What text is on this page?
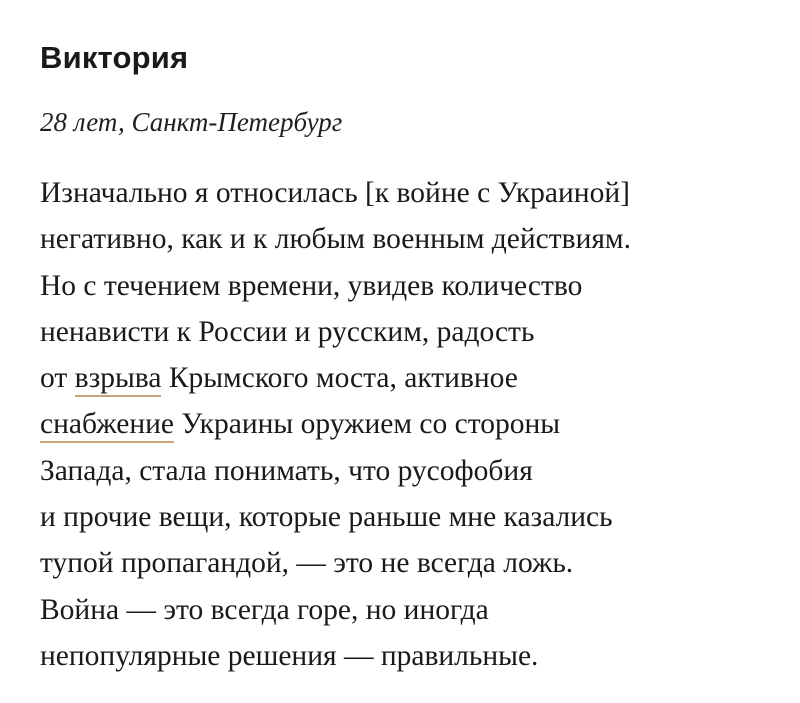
Виктория

28 лет, Санкт-Петербург

Изначально я относилась [к войне с Украиной]
негативно, как и к любым военным действиям.
Но с течением времени, увидев количество
ненависти к России и русским, радость
от взрыва Крымского моста, активное
снабжение Украины оружием со стороны
Запада, стала понимать, что русофобия
и прочие вещи, которые раньше мне казались
тупой пропагандой, — это не всегда ложь.
Война — это всегда горе, но иногда
непопулярные решения — правильные.
